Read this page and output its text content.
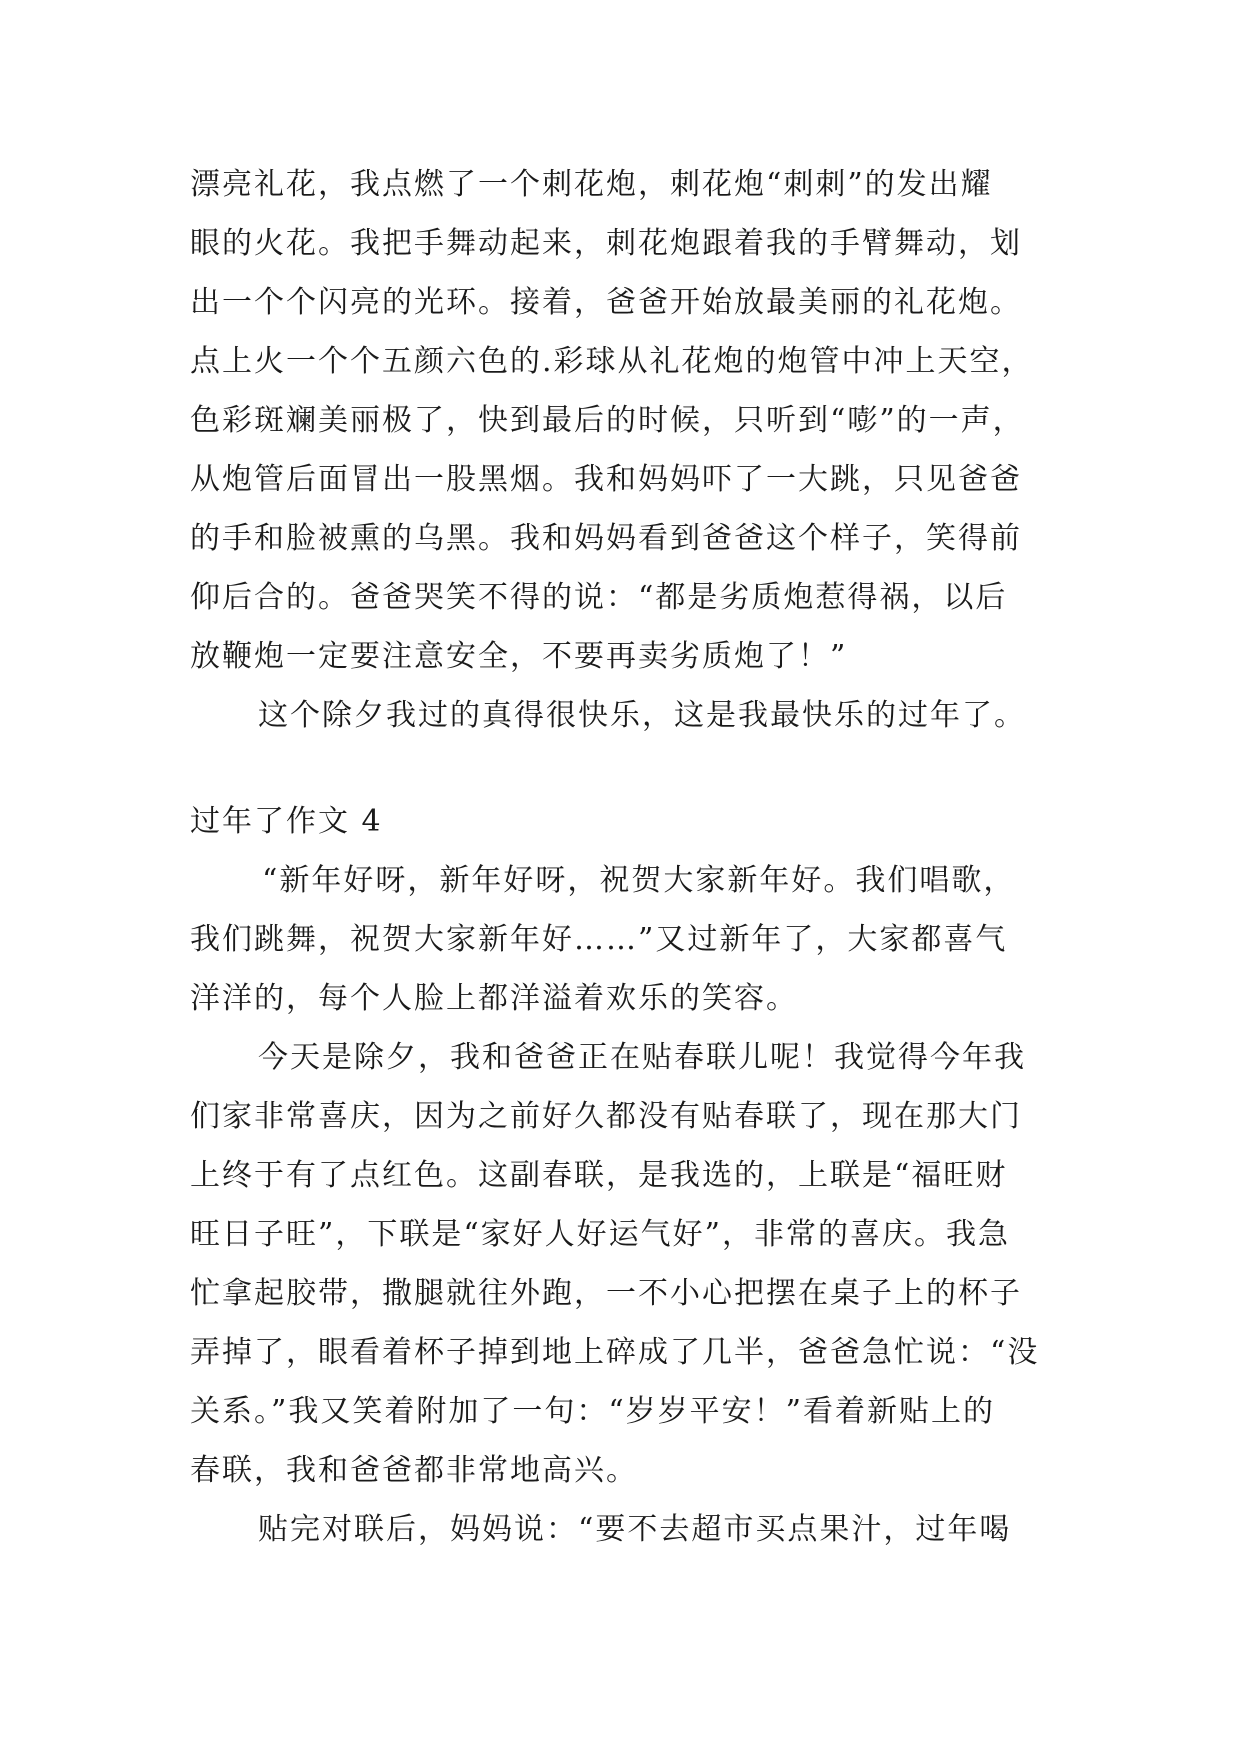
漂亮礼花，我点燃了一个刺花炮，刺花炮“刺刺”的发出耀
眼的火花。我把手舞动起来，刺花炮跟着我的手臂舞动，划
出一个个闪亮的光环。接着，爸爸开始放最美丽的礼花炮。
点上火一个个五颜六色的.彩球从礼花炮的炮管中冲上天空，
色彩斑斓美丽极了，快到最后的时候，只听到“嘭”的一声，
从炮管后面冒出一股黑烟。我和妈妈吓了一大跳，只见爸爸
的手和脸被熏的乌黑。我和妈妈看到爸爸这个样子，笑得前
仰后合的。爸爸哭笑不得的说：“都是劣质炮惹得祸，以后
放鞭炮一定要注意安全，不要再卖劣质炮了！”
这个除夕我过的真得很快乐，这是我最快乐的过年了。
过年了作文 4
“新年好呀，新年好呀，祝贺大家新年好。我们唱歌，
我们跳舞，祝贺大家新年好……”又过新年了，大家都喜气
洋洋的，每个人脸上都洋溢着欢乐的笑容。
今天是除夕，我和爸爸正在贴春联儿呢！我觉得今年我
们家非常喜庆，因为之前好久都没有贴春联了，现在那大门
上终于有了点红色。这副春联，是我选的，上联是“福旺财
旺日子旺”，下联是“家好人好运气好”，非常的喜庆。我急
忙拿起胶带，撒腿就往外跑，一不小心把摆在桌子上的杯子
弄掉了，眼看着杯子掉到地上碎成了几半，爸爸急忙说：“没
关系。”我又笑着附加了一句：“岁岁平安！”看着新贴上的
春联，我和爸爸都非常地高兴。
贴完对联后，妈妈说：“要不去超市买点果汁，过年喝
